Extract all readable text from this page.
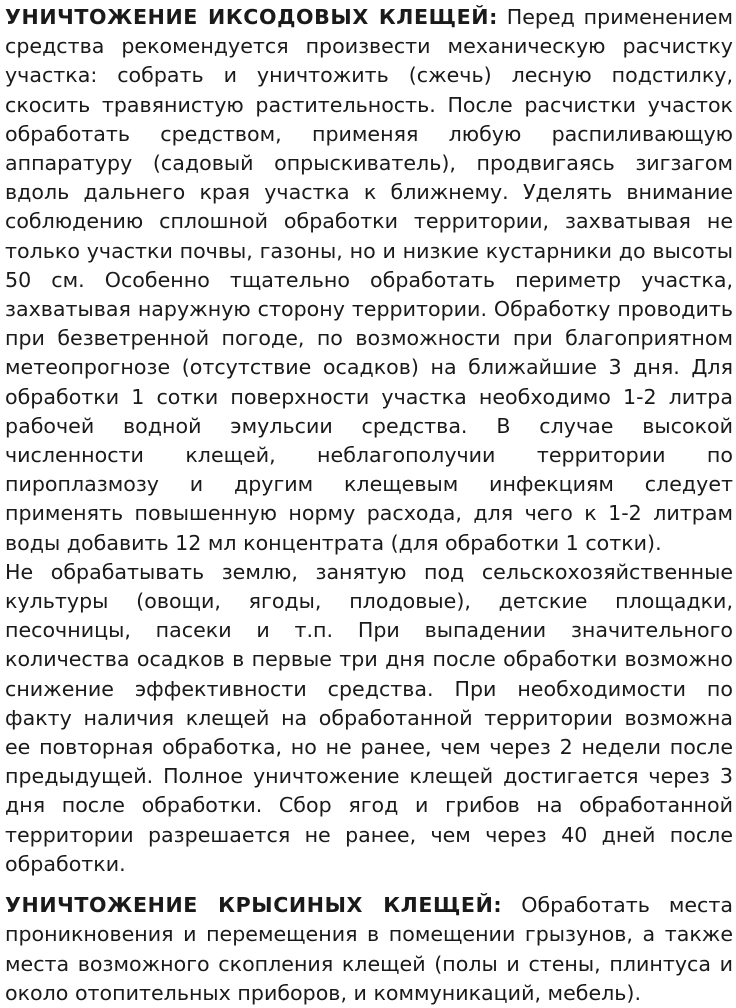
УНИЧТОЖЕНИЕ ИКСОДОВЫХ КЛЕЩЕЙ: Перед применением средства рекомендуется произвести механическую расчистку участка: собрать и уничтожить (сжечь) лесную подстилку, скосить травянистую растительность. После расчистки участок обработать средством, применяя любую распиливающую аппаратуру (садовый опрыскиватель), продвигаясь зигзагом вдоль дальнего края участка к ближнему. Уделять внимание соблюдению сплошной обработки территории, захватывая не только участки почвы, газоны, но и низкие кустарники до высоты 50 см. Особенно тщательно обработать периметр участка, захватывая наружную сторону территории. Обработку проводить при безветренной погоде, по возможности при благоприятном метеопрогнозе (отсутствие осадков) на ближайшие 3 дня. Для обработки 1 сотки поверхности участка необходимо 1-2 литра рабочей водной эмульсии средства. В случае высокой численности клещей, неблагополучии территории по пироплазмозу и другим клещевым инфекциям следует применять повышенную норму расхода, для чего к 1-2 литрам воды добавить 12 мл концентрата (для обработки 1 сотки).

Не обрабатывать землю, занятую под сельскохозяйственные культуры (овощи, ягоды, плодовые), детские площадки, песочницы, пасеки и т.п. При выпадении значительного количества осадков в первые три дня после обработки возможно снижение эффективности средства. При необходимости по факту наличия клещей на обработанной территории возможна ее повторная обработка, но не ранее, чем через 2 недели после предыдущей. Полное уничтожение клещей достигается через 3 дня после обработки. Сбор ягод и грибов на обработанной территории разрешается не ранее, чем через 40 дней после обработки.

УНИЧТОЖЕНИЕ КРЫСИНЫХ КЛЕЩЕЙ: Обработать места проникновения и перемещения в помещении грызунов, а также места возможного скопления клещей (полы и стены, плинтуса и около отопительных приборов, и коммуникаций, мебель).
